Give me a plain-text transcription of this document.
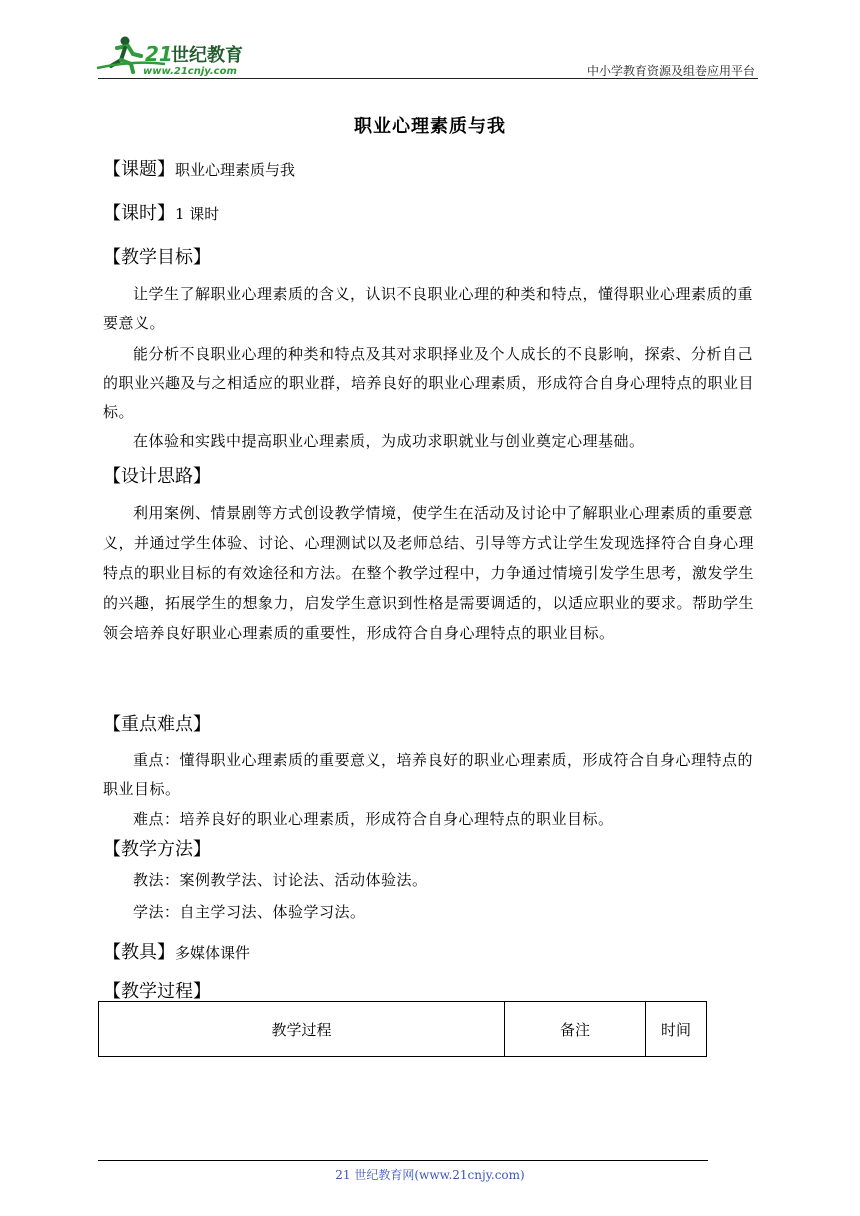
21
世纪教育
www.21cnjy.com	中小学教育资源及组卷应用平台
职业心理素质与我
【课题】职业心理素质与我
【课时】1 课时
【教学目标】
让学生了解职业心理素质的含义，认识不良职业心理的种类和特点，懂得职业心理素质的重要意义。
能分析不良职业心理的种类和特点及其对求职择业及个人成长的不良影响，探索、分析自己的职业兴趣及与之相适应的职业群，培养良好的职业心理素质，形成符合自身心理特点的职业目标。
在体验和实践中提高职业心理素质，为成功求职就业与创业奠定心理基础。
【设计思路】
利用案例、情景剧等方式创设教学情境，使学生在活动及讨论中了解职业心理素质的重要意义，并通过学生体验、讨论、心理测试以及老师总结、引导等方式让学生发现选择符合自身心理特点的职业目标的有效途径和方法。在整个教学过程中，力争通过情境引发学生思考，激发学生的兴趣，拓展学生的想象力，启发学生意识到性格是需要调适的，以适应职业的要求。帮助学生领会培养良好职业心理素质的重要性，形成符合自身心理特点的职业目标。
【重点难点】
重点：懂得职业心理素质的重要意义，培养良好的职业心理素质，形成符合自身心理特点的职业目标。
难点：培养良好的职业心理素质，形成符合自身心理特点的职业目标。
【教学方法】
教法：案例教学法、讨论法、活动体验法。
学法：自主学习法、体验学习法。
【教具】多媒体课件
【教学过程】
教学过程	备注	时间
21 世纪教育网(www.21cnjy.com)
